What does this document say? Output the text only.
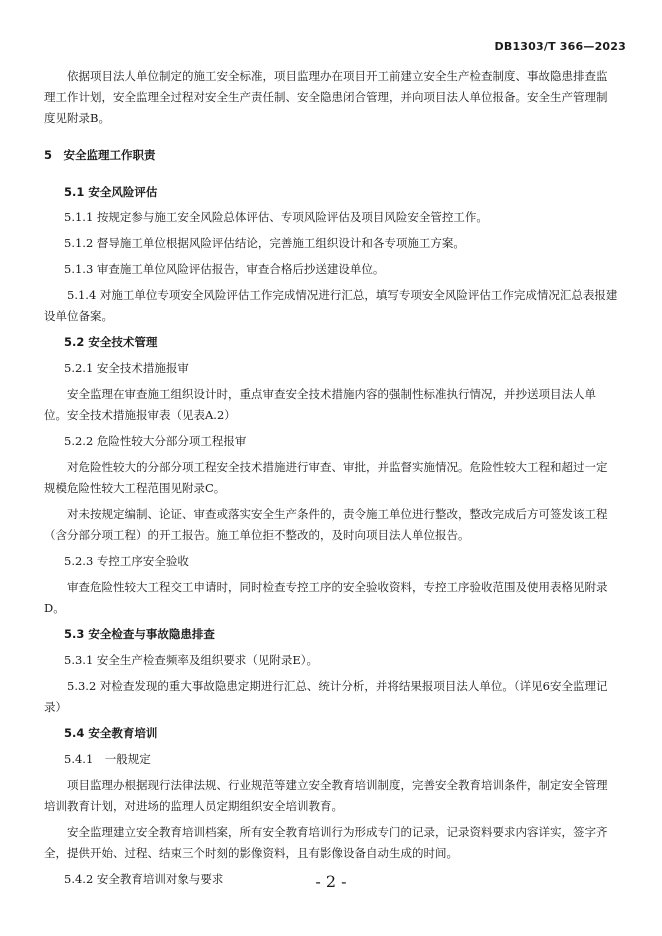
DB1303/T 366—2023

依据项目法人单位制定的施工安全标准，项目监理办在项目开工前建立安全生产检查制度、事故隐患排查监理工作计划，安全监理全过程对安全生产责任制、安全隐患闭合管理，并向项目法人单位报备。安全生产管理制度见附录B。

5　安全监理工作职责

5.1 安全风险评估

5.1.1 按规定参与施工安全风险总体评估、专项风险评估及项目风险安全管控工作。

5.1.2 督导施工单位根据风险评估结论，完善施工组织设计和各专项施工方案。

5.1.3 审查施工单位风险评估报告，审查合格后抄送建设单位。

5.1.4 对施工单位专项安全风险评估工作完成情况进行汇总，填写专项安全风险评估工作完成情况汇总表报建设单位备案。

5.2 安全技术管理

5.2.1 安全技术措施报审

安全监理在审查施工组织设计时，重点审查安全技术措施内容的强制性标准执行情况，并抄送项目法人单位。安全技术措施报审表（见表A.2）

5.2.2 危险性较大分部分项工程报审

对危险性较大的分部分项工程安全技术措施进行审查、审批，并监督实施情况。危险性较大工程和超过一定规模危险性较大工程范围见附录C。

对未按规定编制、论证、审查或落实安全生产条件的，责令施工单位进行整改，整改完成后方可签发该工程（含分部分项工程）的开工报告。施工单位拒不整改的，及时向项目法人单位报告。

5.2.3 专控工序安全验收

审查危险性较大工程交工申请时，同时检查专控工序的安全验收资料，专控工序验收范围及使用表格见附录D。

5.3 安全检查与事故隐患排查

5.3.1 安全生产检查频率及组织要求（见附录E）。

5.3.2 对检查发现的重大事故隐患定期进行汇总、统计分析，并将结果报项目法人单位。（详见6安全监理记录）

5.4 安全教育培训

5.4.1　一般规定

项目监理办根据现行法律法规、行业规范等建立安全教育培训制度，完善安全教育培训条件，制定安全管理培训教育计划，对进场的监理人员定期组织安全培训教育。

安全监理建立安全教育培训档案，所有安全教育培训行为形成专门的记录，记录资料要求内容详实，签字齐全，提供开始、过程、结束三个时刻的影像资料，且有影像设备自动生成的时间。

5.4.2 安全教育培训对象与要求	- 2 -
